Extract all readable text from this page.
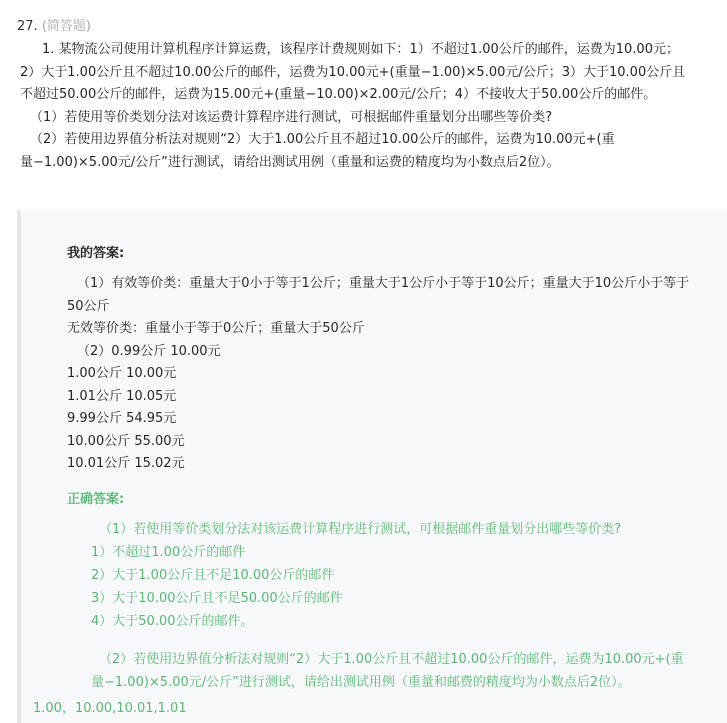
27. (简答题)
1. 某物流公司使用计算机程序计算运费，该程序计费规则如下：1）不超过1.00公斤的邮件，运费为10.00元；
2）大于1.00公斤且不超过10.00公斤的邮件，运费为10.00元+(重量−1.00)×5.00元/公斤；3）大于10.00公斤且
不超过50.00公斤的邮件，运费为15.00元+(重量−10.00)×2.00元/公斤；4）不接收大于50.00公斤的邮件。
（1）若使用等价类划分法对该运费计算程序进行测试，可根据邮件重量划分出哪些等价类?
（2）若使用边界值分析法对规则“2）大于1.00公斤且不超过10.00公斤的邮件，运费为10.00元+(重
量−1.00)×5.00元/公斤”进行测试，请给出测试用例（重量和运费的精度均为小数点后2位）。
我的答案:
（1）有效等价类：重量大于0小于等于1公斤；重量大于1公斤小于等于10公斤；重量大于10公斤小于等于
50公斤
无效等价类：重量小于等于0公斤；重量大于50公斤
（2）0.99公斤 10.00元
1.00公斤 10.00元
1.01公斤 10.05元
9.99公斤 54.95元
10.00公斤 55.00元
10.01公斤 15.02元
正确答案:
（1）若使用等价类划分法对该运费计算程序进行测试，可根据邮件重量划分出哪些等价类?
1）不超过1.00公斤的邮件
2）大于1.00公斤且不足10.00公斤的邮件
3）大于10.00公斤且不足50.00公斤的邮件
4）大于50.00公斤的邮件。
（2）若使用边界值分析法对规则“2）大于1.00公斤且不超过10.00公斤的邮件，运费为10.00元+(重
量−1.00)×5.00元/公斤”进行测试，请给出测试用例（重量和邮费的精度均为小数点后2位）。
1.00，10.00,10.01,1.01
